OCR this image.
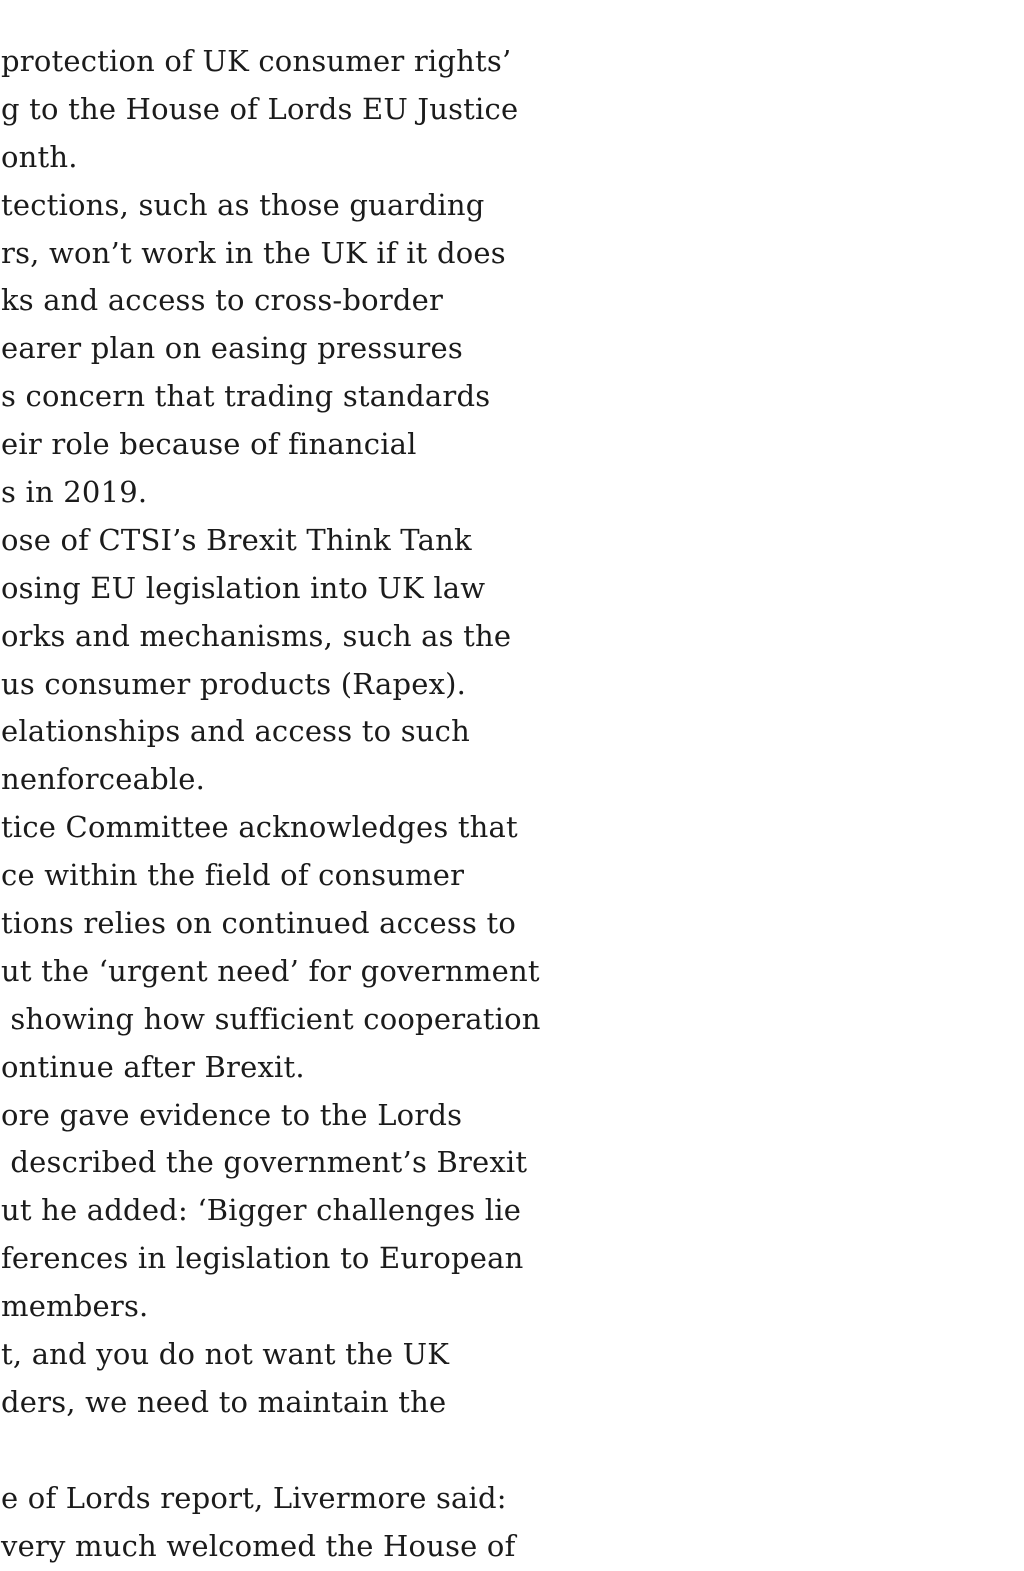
protection of UK consumer rights’
g to the House of Lords EU Justice
onth.
tections, such as those guarding
rs, won’t work in the UK if it does
ks and access to cross-border
earer plan on easing pressures
s concern that trading standards
eir role because of financial
s in 2019.
ose of CTSI’s Brexit Think Tank
osing EU legislation into UK law
orks and mechanisms, such as the
us consumer products (Rapex).
elationships and access to such
nenforceable.
tice Committee acknowledges that
ce within the field of consumer
tions relies on continued access to
ut the ‘urgent need’ for government
showing how sufficient cooperation
ontinue after Brexit.
ore gave evidence to the Lords
described the government’s Brexit
ut he added: ‘Bigger challenges lie
ferences in legislation to European
members.
t, and you do not want the UK
ders, we need to maintain the
e of Lords report, Livermore said:
very much welcomed the House of
